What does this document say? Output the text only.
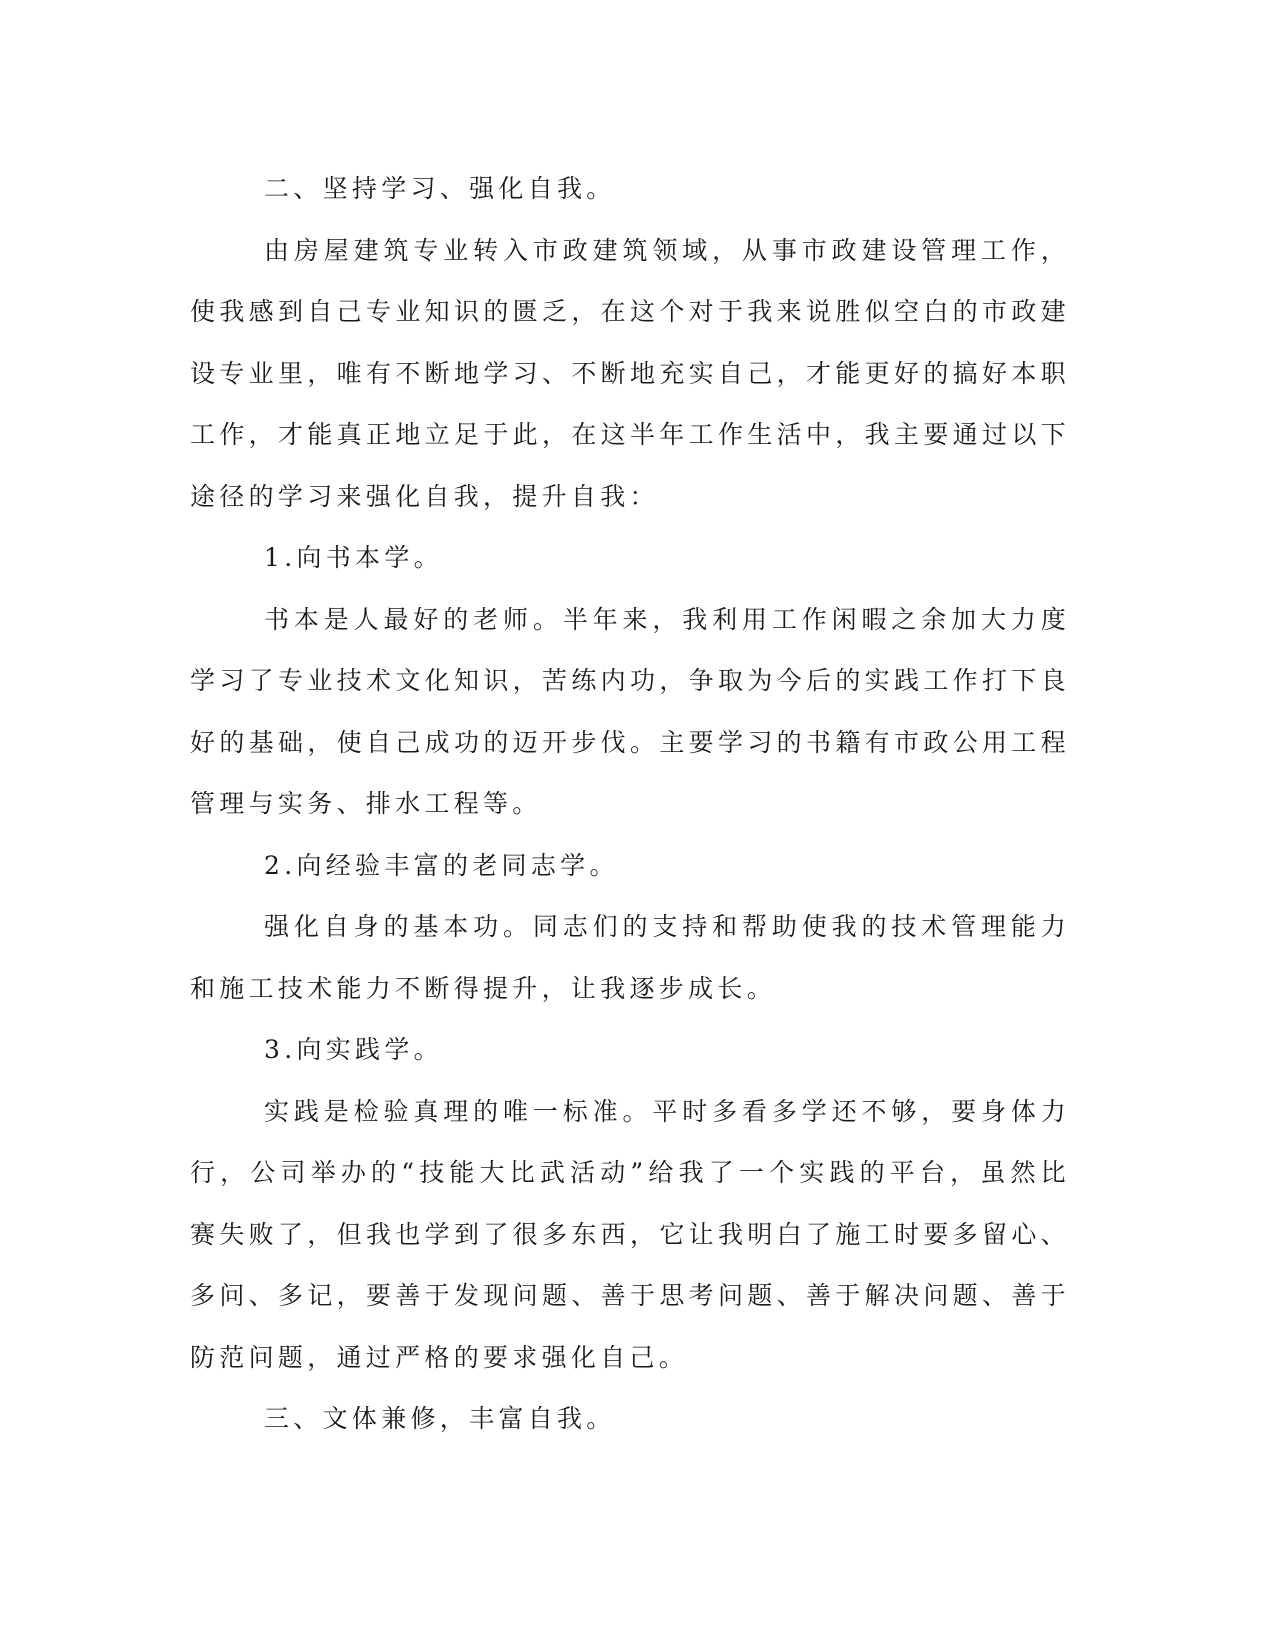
二、坚持学习、强化自我。

由房屋建筑专业转入市政建筑领域，从事市政建设管理工作，使我感到自己专业知识的匮乏，在这个对于我来说胜似空白的市政建设专业里，唯有不断地学习、不断地充实自己，才能更好的搞好本职工作，才能真正地立足于此，在这半年工作生活中，我主要通过以下途径的学习来强化自我，提升自我：

1.向书本学。

书本是人最好的老师。半年来，我利用工作闲暇之余加大力度学习了专业技术文化知识，苦练内功，争取为今后的实践工作打下良好的基础，使自己成功的迈开步伐。主要学习的书籍有市政公用工程管理与实务、排水工程等。

2.向经验丰富的老同志学。

强化自身的基本功。同志们的支持和帮助使我的技术管理能力和施工技术能力不断得提升，让我逐步成长。

3.向实践学。

实践是检验真理的唯一标准。平时多看多学还不够，要身体力行，公司举办的“技能大比武活动”给我了一个实践的平台，虽然比赛失败了，但我也学到了很多东西，它让我明白了施工时要多留心、多问、多记，要善于发现问题、善于思考问题、善于解决问题、善于防范问题，通过严格的要求强化自己。

三、文体兼修，丰富自我。
